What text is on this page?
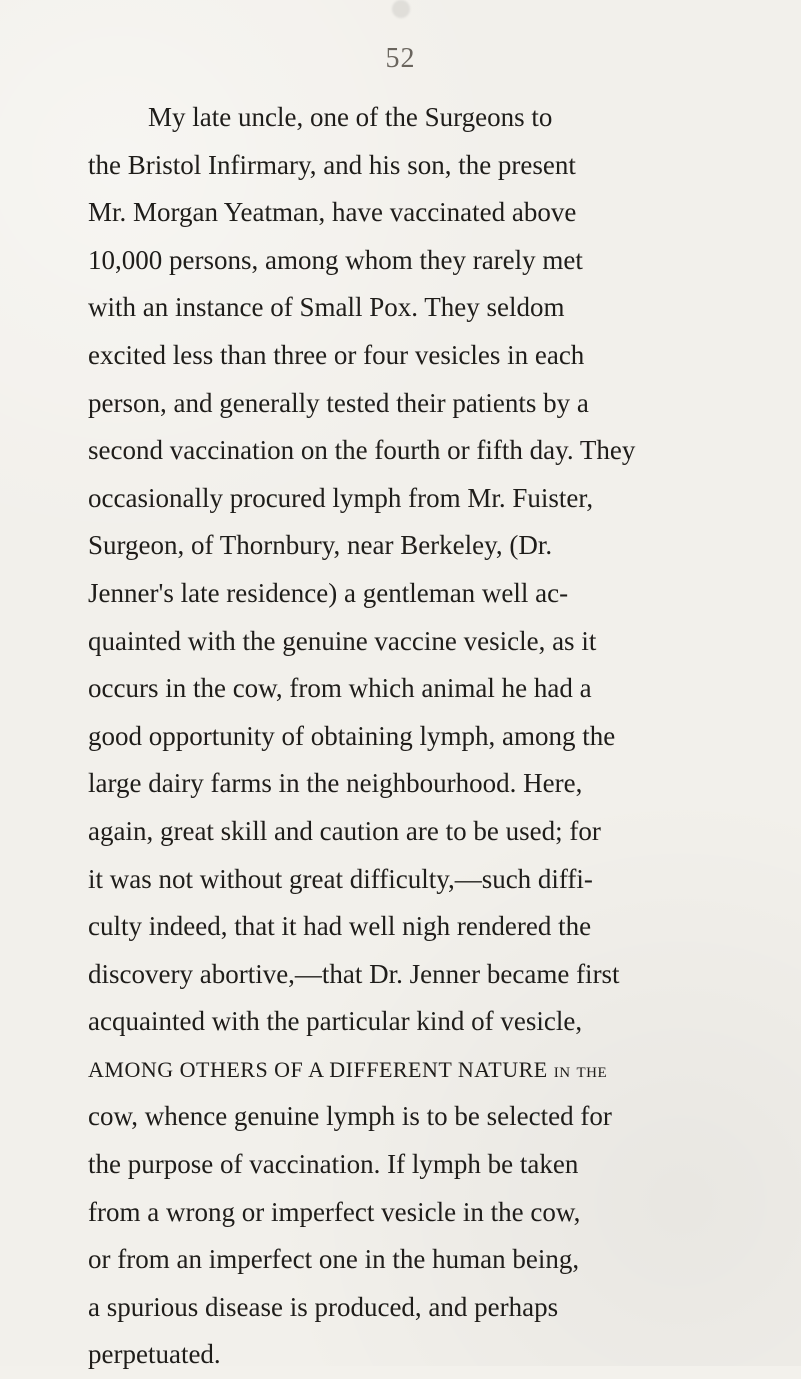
52
My late uncle, one of the Surgeons to
the Bristol Infirmary, and his son, the present
Mr. Morgan Yeatman, have vaccinated above
10,000 persons, among whom they rarely met
with an instance of Small Pox. They seldom
excited less than three or four vesicles in each
person, and generally tested their patients by a
second vaccination on the fourth or fifth day. They
occasionally procured lymph from Mr. Fuister,
Surgeon, of Thornbury, near Berkeley, (Dr.
Jenner's late residence) a gentleman well ac-
quainted with the genuine vaccine vesicle, as it
occurs in the cow, from which animal he had a
good opportunity of obtaining lymph, among the
large dairy farms in the neighbourhood. Here,
again, great skill and caution are to be used; for
it was not without great difficulty,—such diffi-
culty indeed, that it had well nigh rendered the
discovery abortive,—that Dr. Jenner became first
acquainted with the particular kind of vesicle,
AMONG OTHERS OF A DIFFERENT NATURE in the
cow, whence genuine lymph is to be selected for
the purpose of vaccination. If lymph be taken
from a wrong or imperfect vesicle in the cow,
or from an imperfect one in the human being,
a spurious disease is produced, and perhaps
perpetuated.
